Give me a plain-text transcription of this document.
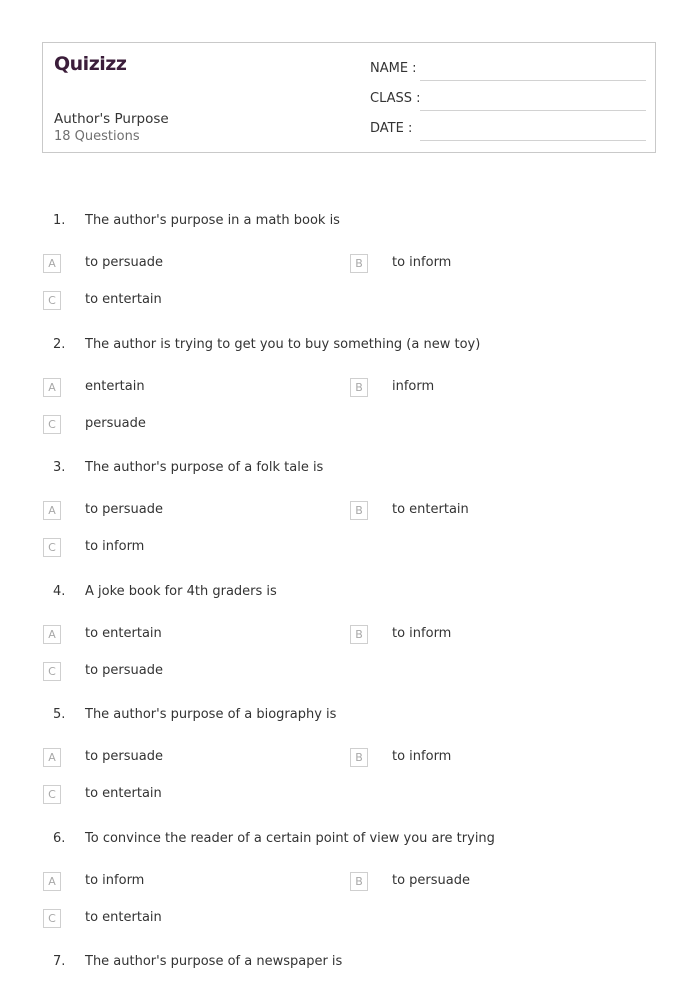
Quizizz
Author's Purpose
18 Questions
NAME :
CLASS :
DATE :
1.	The author's purpose in a math book is
A	to persuade	B	to inform
C	to entertain
2.	The author is trying to get you to buy something (a new toy)
A	entertain	B	inform
C	persuade
3.	The author's purpose of a folk tale is
A	to persuade	B	to entertain
C	to inform
4.	A joke book for 4th graders is
A	to entertain	B	to inform
C	to persuade
5.	The author's purpose of a biography is
A	to persuade	B	to inform
C	to entertain
6.	To convince the reader of a certain point of view you are trying
A	to inform	B	to persuade
C	to entertain
7.	The author's purpose of a newspaper is
